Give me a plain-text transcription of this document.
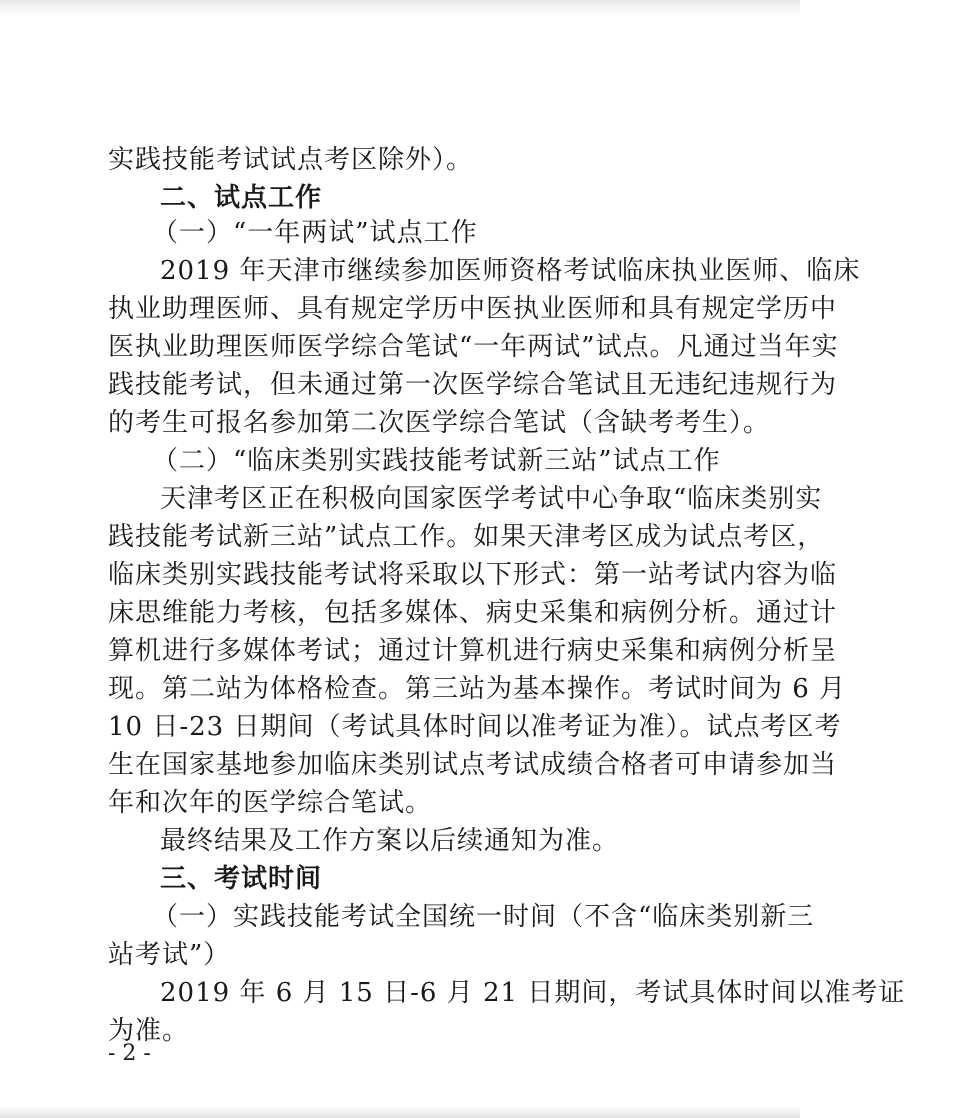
实践技能考试试点考区除外）。
二、试点工作
（一）“一年两试”试点工作
2019 年天津市继续参加医师资格考试临床执业医师、临床
执业助理医师、具有规定学历中医执业医师和具有规定学历中
医执业助理医师医学综合笔试“一年两试”试点。凡通过当年实
践技能考试，但未通过第一次医学综合笔试且无违纪违规行为
的考生可报名参加第二次医学综合笔试（含缺考考生）。
（二）“临床类别实践技能考试新三站”试点工作
天津考区正在积极向国家医学考试中心争取“临床类别实
践技能考试新三站”试点工作。如果天津考区成为试点考区，
临床类别实践技能考试将采取以下形式：第一站考试内容为临
床思维能力考核，包括多媒体、病史采集和病例分析。通过计
算机进行多媒体考试；通过计算机进行病史采集和病例分析呈
现。第二站为体格检查。第三站为基本操作。考试时间为 6 月
10 日-23 日期间（考试具体时间以准考证为准）。试点考区考
生在国家基地参加临床类别试点考试成绩合格者可申请参加当
年和次年的医学综合笔试。
最终结果及工作方案以后续通知为准。
三、考试时间
（一）实践技能考试全国统一时间（不含“临床类别新三
站考试”）
2019 年 6 月 15 日-6 月 21 日期间，考试具体时间以准考证
为准。
- 2 -
